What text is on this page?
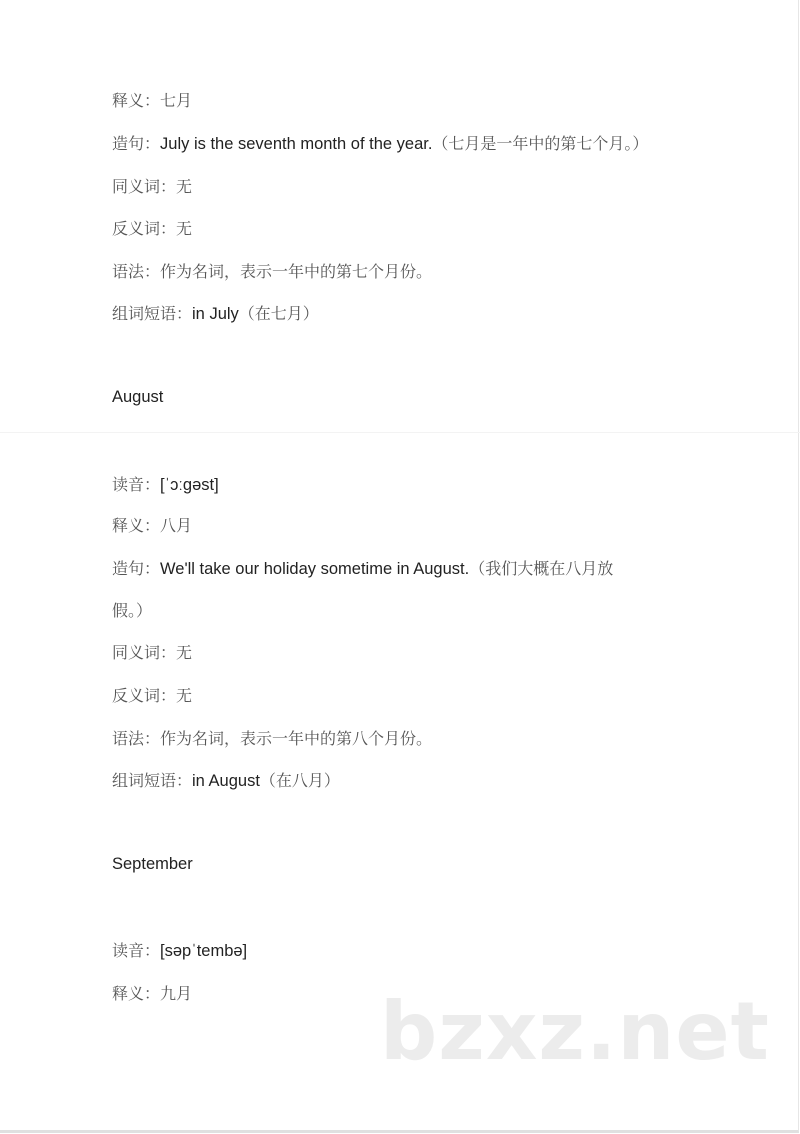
释义：七月
造句：July is the seventh month of the year.（七月是一年中的第七个月。）
同义词：无
反义词：无
语法：作为名词，表示一年中的第七个月份。
组词短语：in July（在七月）
August
读音：[ˈɔːgəst]
释义：八月
造句：We'll take our holiday sometime in August.（我们大概在八月放
假。）
同义词：无
反义词：无
语法：作为名词，表示一年中的第八个月份。
组词短语：in August（在八月）
September
读音：[səpˈtembə]
释义：九月 bzxz.net
